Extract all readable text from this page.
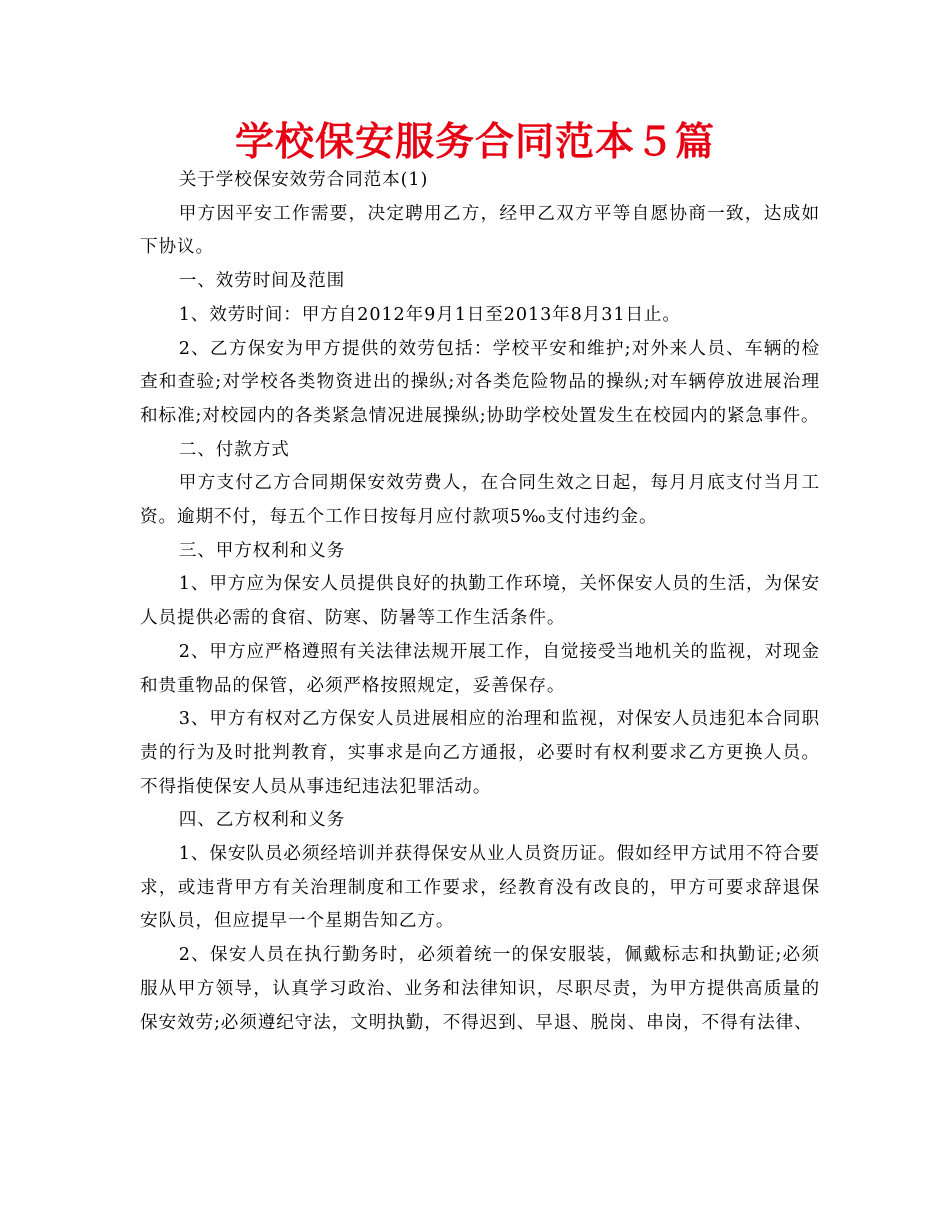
学校保安服务合同范本５篇

关于学校保安效劳合同范本(1)

甲方因平安工作需要，决定聘用乙方，经甲乙双方平等自愿协商一致，达成如下协议。

一、效劳时间及范围

1、效劳时间：甲方自2012年9月1日至2013年8月31日止。

2、乙方保安为甲方提供的效劳包括：学校平安和维护;对外来人员、车辆的检查和查验;对学校各类物资进出的操纵;对各类危险物品的操纵;对车辆停放进展治理和标准;对校园内的各类紧急情况进展操纵;协助学校处置发生在校园内的紧急事件。

二、付款方式

甲方支付乙方合同期保安效劳费人，在合同生效之日起，每月月底支付当月工资。逾期不付，每五个工作日按每月应付款项5‰支付违约金。

三、甲方权利和义务

1、甲方应为保安人员提供良好的执勤工作环境，关怀保安人员的生活，为保安人员提供必需的食宿、防寒、防暑等工作生活条件。

2、甲方应严格遵照有关法律法规开展工作，自觉接受当地机关的监视，对现金和贵重物品的保管，必须严格按照规定，妥善保存。

3、甲方有权对乙方保安人员进展相应的治理和监视，对保安人员违犯本合同职责的行为及时批判教育，实事求是向乙方通报，必要时有权利要求乙方更换人员。不得指使保安人员从事违纪违法犯罪活动。

四、乙方权利和义务

1、保安队员必须经培训并获得保安从业人员资历证。假如经甲方试用不符合要求，或违背甲方有关治理制度和工作要求，经教育没有改良的，甲方可要求辞退保安队员，但应提早一个星期告知乙方。

2、保安人员在执行勤务时，必须着统一的保安服装，佩戴标志和执勤证;必须服从甲方领导，认真学习政治、业务和法律知识，尽职尽责，为甲方提供高质量的保安效劳;必须遵纪守法，文明执勤，不得迟到、早退、脱岗、串岗，不得有法律、
